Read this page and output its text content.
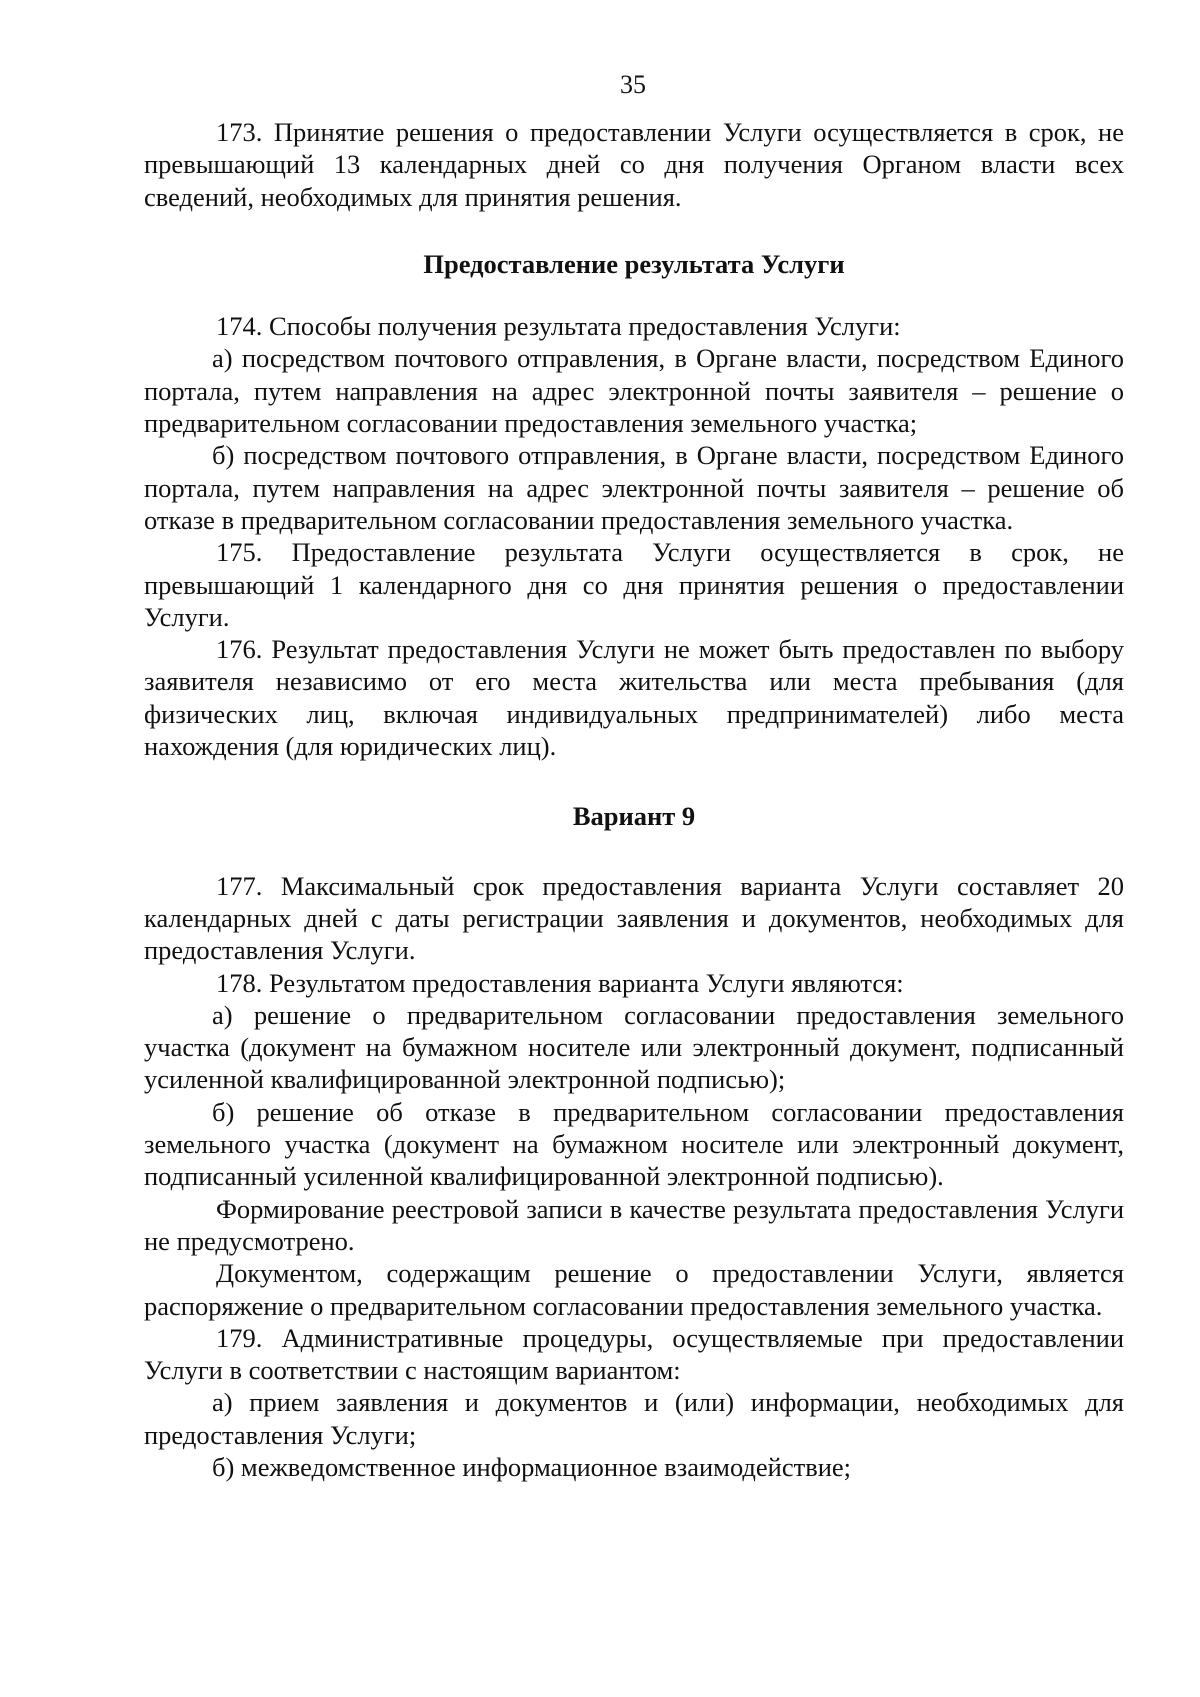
35

173. Принятие решения о предоставлении Услуги осуществляется в срок, не превышающий 13 календарных дней со дня получения Органом власти всех сведений, необходимых для принятия решения.

Предоставление результата Услуги

174. Способы получения результата предоставления Услуги:

а) посредством почтового отправления, в Органе власти, посредством Единого портала, путем направления на адрес электронной почты заявителя – решение о предварительном согласовании предоставления земельного участка;

б) посредством почтового отправления, в Органе власти, посредством Единого портала, путем направления на адрес электронной почты заявителя – решение об отказе в предварительном согласовании предоставления земельного участка.

175. Предоставление результата Услуги осуществляется в срок, не превышающий 1 календарного дня со дня принятия решения о предоставлении Услуги.

176. Результат предоставления Услуги не может быть предоставлен по выбору заявителя независимо от его места жительства или места пребывания (для физических лиц, включая индивидуальных предпринимателей) либо места нахождения (для юридических лиц).

Вариант 9

177. Максимальный срок предоставления варианта Услуги составляет 20 календарных дней с даты регистрации заявления и документов, необходимых для предоставления Услуги.

178. Результатом предоставления варианта Услуги являются:

а) решение о предварительном согласовании предоставления земельного участка (документ на бумажном носителе или электронный документ, подписанный усиленной квалифицированной электронной подписью);

б) решение об отказе в предварительном согласовании предоставления земельного участка (документ на бумажном носителе или электронный документ, подписанный усиленной квалифицированной электронной подписью).

Формирование реестровой записи в качестве результата предоставления Услуги не предусмотрено.

Документом, содержащим решение о предоставлении Услуги, является распоряжение о предварительном согласовании предоставления земельного участка.

179. Административные процедуры, осуществляемые при предоставлении Услуги в соответствии с настоящим вариантом:

а) прием заявления и документов и (или) информации, необходимых для предоставления Услуги;

б) межведомственное информационное взаимодействие;
